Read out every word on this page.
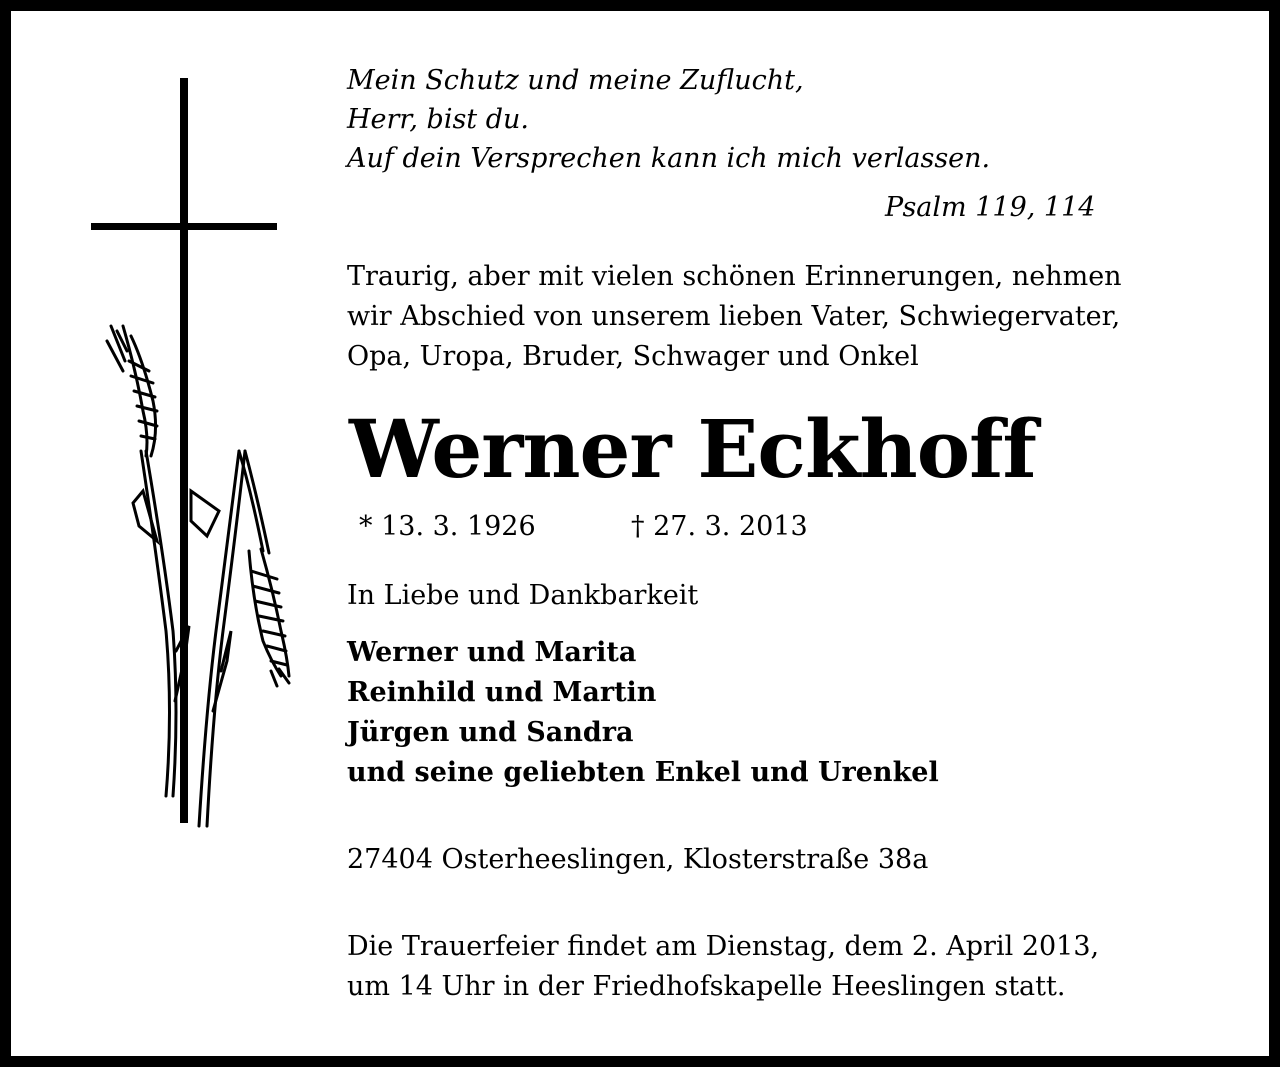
Mein Schutz und meine Zuflucht,
Herr, bist du.
Auf dein Versprechen kann ich mich verlassen.
Psalm 119, 114
Traurig, aber mit vielen schönen Erinnerungen, nehmen
wir Abschied von unserem lieben Vater, Schwiegervater,
Opa, Uropa, Bruder, Schwager und Onkel
Werner Eckhoff
* 13. 3. 1926	† 27. 3. 2013
In Liebe und Dankbarkeit
Werner und Marita
Reinhild und Martin
Jürgen und Sandra
und seine geliebten Enkel und Urenkel
27404 Osterheeslingen, Klosterstraße 38a
Die Trauerfeier findet am Dienstag, dem 2. April 2013,
um 14 Uhr in der Friedhofskapelle Heeslingen statt.
